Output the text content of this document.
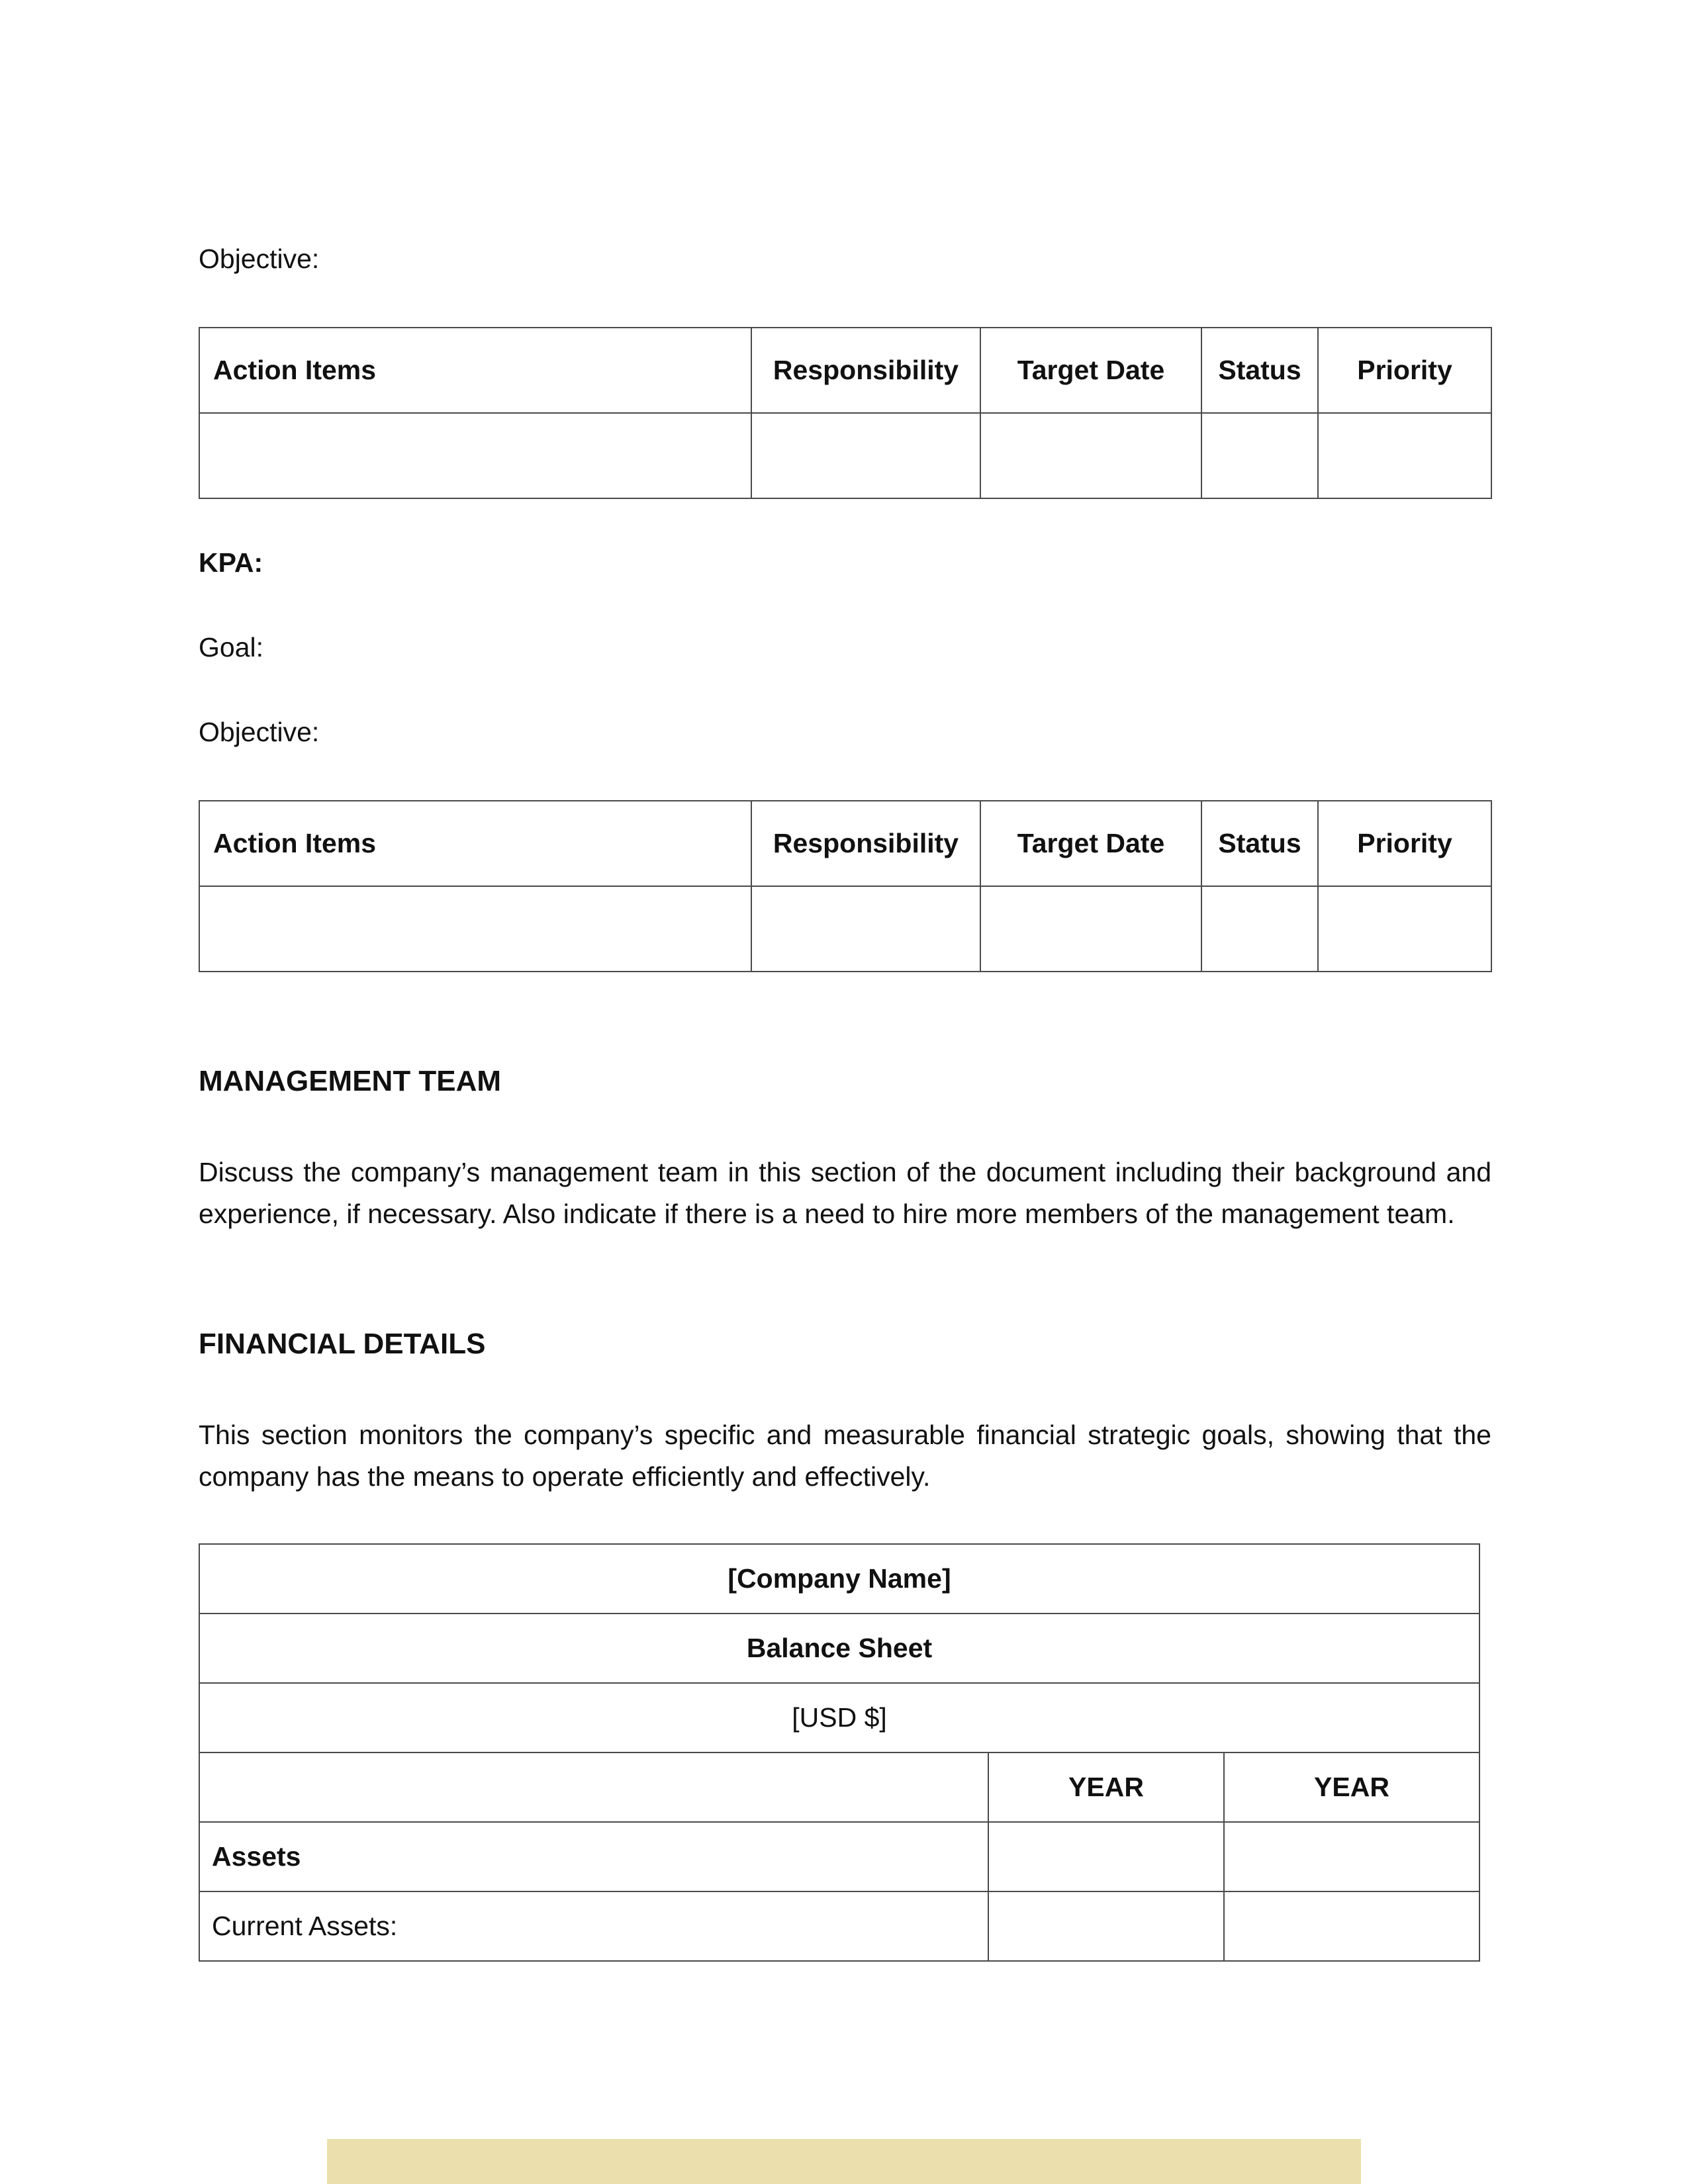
Objective:
Action Items	Responsibility	Target Date	Status	Priority

KPA:
Goal:
Objective:
Action Items	Responsibility	Target Date	Status	Priority

MANAGEMENT TEAM
Discuss the company’s management team in this section of the document including their background and experience, if necessary. Also indicate if there is a need to hire more members of the management team.
FINANCIAL DETAILS
This section monitors the company’s specific and measurable financial strategic goals, showing that the company has the means to operate efficiently and effectively.
[Company Name]		
Balance Sheet		
[USD $]		
	YEAR	YEAR
Assets		
Current Assets:		
